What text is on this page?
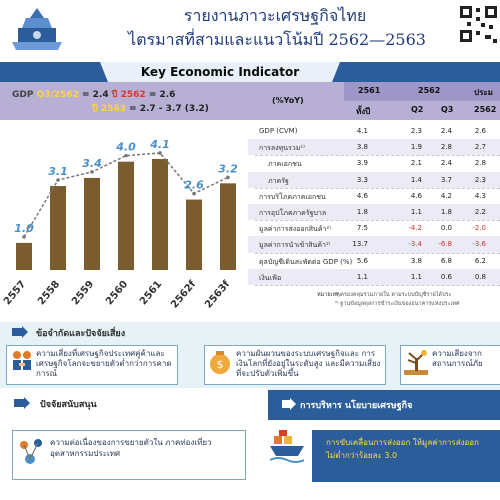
รายงานภาวะเศรษฐกิจไทย
ไตรมาสที่สามและแนวโน้มปี 2562—2563
Key Economic Indicator
GDP Q3/2562 = 2.4 ปี 2562 = 2.6
ปี 2563 = 2.7 - 3.7 (3.2)
1.0
3.1
3.4
4.0 4.1
2.6
3.2
2557 2558 2559 2560 2561 2562f 2563f
(%YoY)
2561	2562	ประม
ทั้งปี	Q2 Q3	2562
GDP (CVM)	4.1	2.3	2.4	2.6
การลงทุนรวม¹⁾	3.8	1.9	2.8	2.7
ภาคเอกชน	3.9	2.1	2.4	2.8
ภาครัฐ	3.3	1.4	3.7	2.3
การบริโภคภาคเอกชน	4.6	4.6	4.2	4.3
การอุปโภคภาครัฐบาล	1.8	1.1	1.8	2.2
มูลค่าการส่งออกสินค้า²⁾	7.5	-4.2	0.0	-2.0
มูลค่าการนำเข้าสินค้า²⁾	13.7	-3.4	-6.8	-3.6
ดุลบัญชีเดินสะพัดต่อ GDP (%) 5.6	3.8	6.8	6.2
เงินเฟ้อ	1.1	1.1	0.6	0.8
หมายเหตุ:
¹⁾ ครองคลุมรวมภายใน ตามระบบบัญชีรายได้ประ
²⁾ ฐานข้อมูลดุลการชำระเงินของธนาคารแห่งประเทศ
ข้อจำกัดและปัจจัยเสี่ยง
ความเสี่ยงที่เศรษฐกิจประเทศคู่ค้าและ เศรษฐกิจโลกจะขยายตัวต่ำกว่าการคาดการณ์
$
ความผันผวนของระบบเศรษฐกิจและ การเงินโลกที่ยังอยู่ในระดับสูง และมีความเสี่ยงที่จะปรับตัวเพิ่มขึ้น
ความเสี่ยงจาก สถานการณ์ภัย
ปัจจัยสนับสนุน	การบริหาร นโยบายเศรษฐกิจ
ความต่อเนื่องของการขยายตัวใน ภาคท่องเที่ยวอุตสาหกรรมประเทศ
การขับเคลื่อนการส่งออก ให้มูลค่าการส่งออก
ไม่ต่ำกว่าร้อยละ 3.0
